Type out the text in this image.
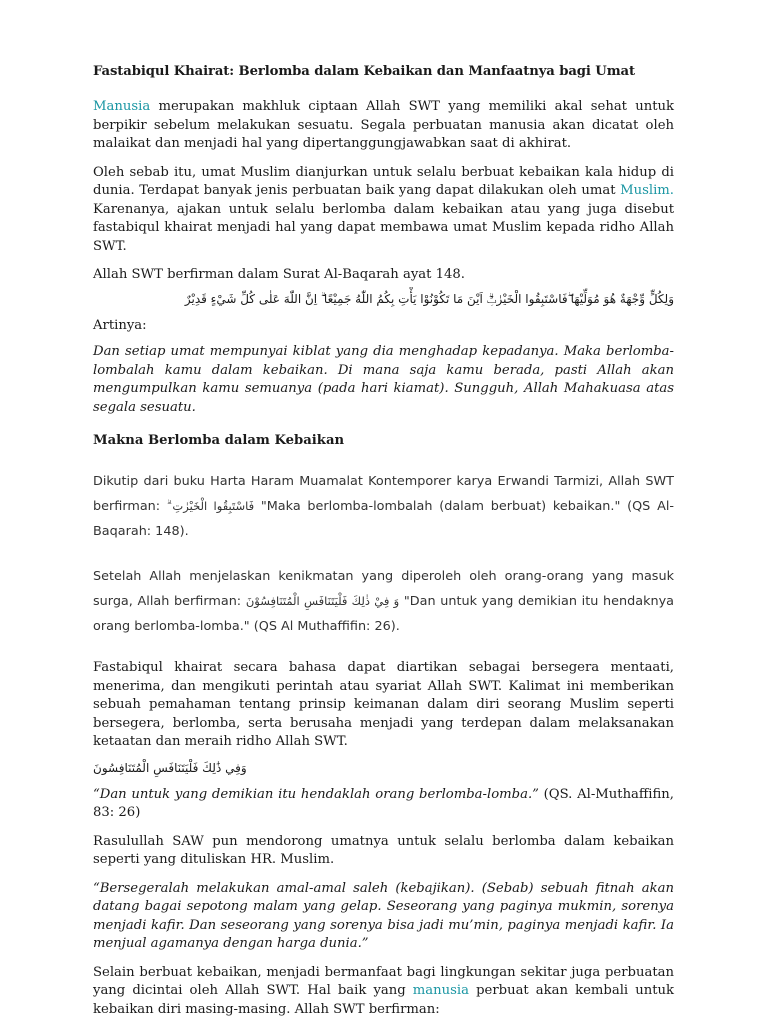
Fastabiqul Khairat: Berlomba dalam Kebaikan dan Manfaatnya bagi Umat

Manusia merupakan makhluk ciptaan Allah SWT yang memiliki akal sehat untuk berpikir sebelum melakukan sesuatu. Segala perbuatan manusia akan dicatat oleh malaikat dan menjadi hal yang dipertanggungjawabkan saat di akhirat.

Oleh sebab itu, umat Muslim dianjurkan untuk selalu berbuat kebaikan kala hidup di dunia. Terdapat banyak jenis perbuatan baik yang dapat dilakukan oleh umat Muslim. Karenanya, ajakan untuk selalu berlomba dalam kebaikan atau yang juga disebut fastabiqul khairat menjadi hal yang dapat membawa umat Muslim kepada ridho Allah SWT.

Allah SWT berfirman dalam Surat Al-Baqarah ayat 148.

وَلِكُلٍّ وِّجْهَةٌ هُوَ مُوَلِّيْهَا ۖفَاسْتَبِقُوا الْخَيْرٰتِۗ اَيْنَ مَا تَكُوْنُوْا يَأْتِ بِكُمُ اللّٰهُ جَمِيْعًا ۗ اِنَّ اللّٰهَ عَلٰى كُلِّ شَيْءٍ قَدِيْرٌ

Artinya:

Dan setiap umat mempunyai kiblat yang dia menghadap kepadanya. Maka berlomba-lombalah kamu dalam kebaikan. Di mana saja kamu berada, pasti Allah akan mengumpulkan kamu semuanya (pada hari kiamat). Sungguh, Allah Mahakuasa atas segala sesuatu.

Makna Berlomba dalam Kebaikan

Dikutip dari buku Harta Haram Muamalat Kontemporer karya Erwandi Tarmizi, Allah SWT berfirman: فَاسْتَبِقُوا الْخَيْرٰتِ ۗ "Maka berlomba-lombalah (dalam berbuat) kebaikan." (QS Al-Baqarah: 148).

Setelah Allah menjelaskan kenikmatan yang diperoleh oleh orang-orang yang masuk surga, Allah berfirman: وَ فِيْ ذٰلِكَ فَلْيَتَنَافَسِ الْمُتَنَافِسُوْنَ "Dan untuk yang demikian itu hendaknya orang berlomba-lomba." (QS Al Muthaffifin: 26).

Fastabiqul khairat secara bahasa dapat diartikan sebagai bersegera mentaati, menerima, dan mengikuti perintah atau syariat Allah SWT. Kalimat ini memberikan sebuah pemahaman tentang prinsip keimanan dalam diri seorang Muslim seperti bersegera, berlomba, serta berusaha menjadi yang terdepan dalam melaksanakan ketaatan dan meraih ridho Allah SWT.

وَفِي ذَٰلِكَ فَلْيَتَنَافَسِ الْمُتَنَافِسُونَ

“Dan untuk yang demikian itu hendaklah orang berlomba-lomba.” (QS. Al-Muthaffifin, 83: 26)

Rasulullah SAW pun mendorong umatnya untuk selalu berlomba dalam kebaikan seperti yang dituliskan HR. Muslim.

“Bersegeralah melakukan amal-amal saleh (kebajikan). (Sebab) sebuah fitnah akan datang bagai sepotong malam yang gelap. Seseorang yang paginya mukmin, sorenya menjadi kafir. Dan seseorang yang sorenya bisa jadi mu’min, paginya menjadi kafir. Ia menjual agamanya dengan harga dunia.”

Selain berbuat kebaikan, menjadi bermanfaat bagi lingkungan sekitar juga perbuatan yang dicintai oleh Allah SWT. Hal baik yang manusia perbuat akan kembali untuk kebaikan diri masing-masing. Allah SWT berfirman:
